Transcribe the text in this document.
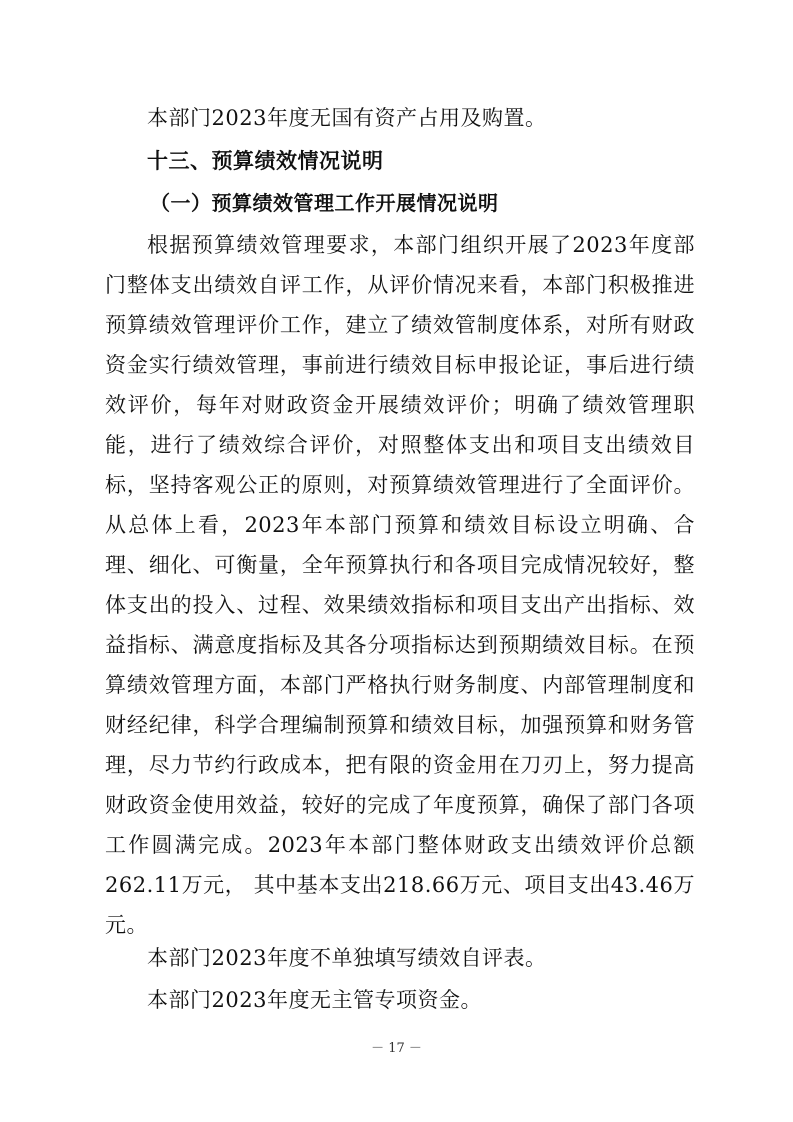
本部门2023年度无国有资产占用及购置。

十三、预算绩效情况说明
（一）预算绩效管理工作开展情况说明

根据预算绩效管理要求，本部门组织开展了2023年度部门整体支出绩效自评工作，从评价情况来看，本部门积极推进预算绩效管理评价工作，建立了绩效管制度体系，对所有财政资金实行绩效管理，事前进行绩效目标申报论证，事后进行绩效评价，每年对财政资金开展绩效评价；明确了绩效管理职能，进行了绩效综合评价，对照整体支出和项目支出绩效目标，坚持客观公正的原则，对预算绩效管理进行了全面评价。从总体上看，2023年本部门预算和绩效目标设立明确、合理、细化、可衡量，全年预算执行和各项目完成情况较好，整体支出的投入、过程、效果绩效指标和项目支出产出指标、效益指标、满意度指标及其各分项指标达到预期绩效目标。在预算绩效管理方面，本部门严格执行财务制度、内部管理制度和财经纪律，科学合理编制预算和绩效目标，加强预算和财务管理，尽力节约行政成本，把有限的资金用在刀刃上，努力提高财政资金使用效益，较好的完成了年度预算，确保了部门各项工作圆满完成。2023年本部门整体财政支出绩效评价总额262.11万元， 其中基本支出218.66万元、项目支出43.46万元。

本部门2023年度不单独填写绩效自评表。

本部门2023年度无主管专项资金。

－ 17 －
